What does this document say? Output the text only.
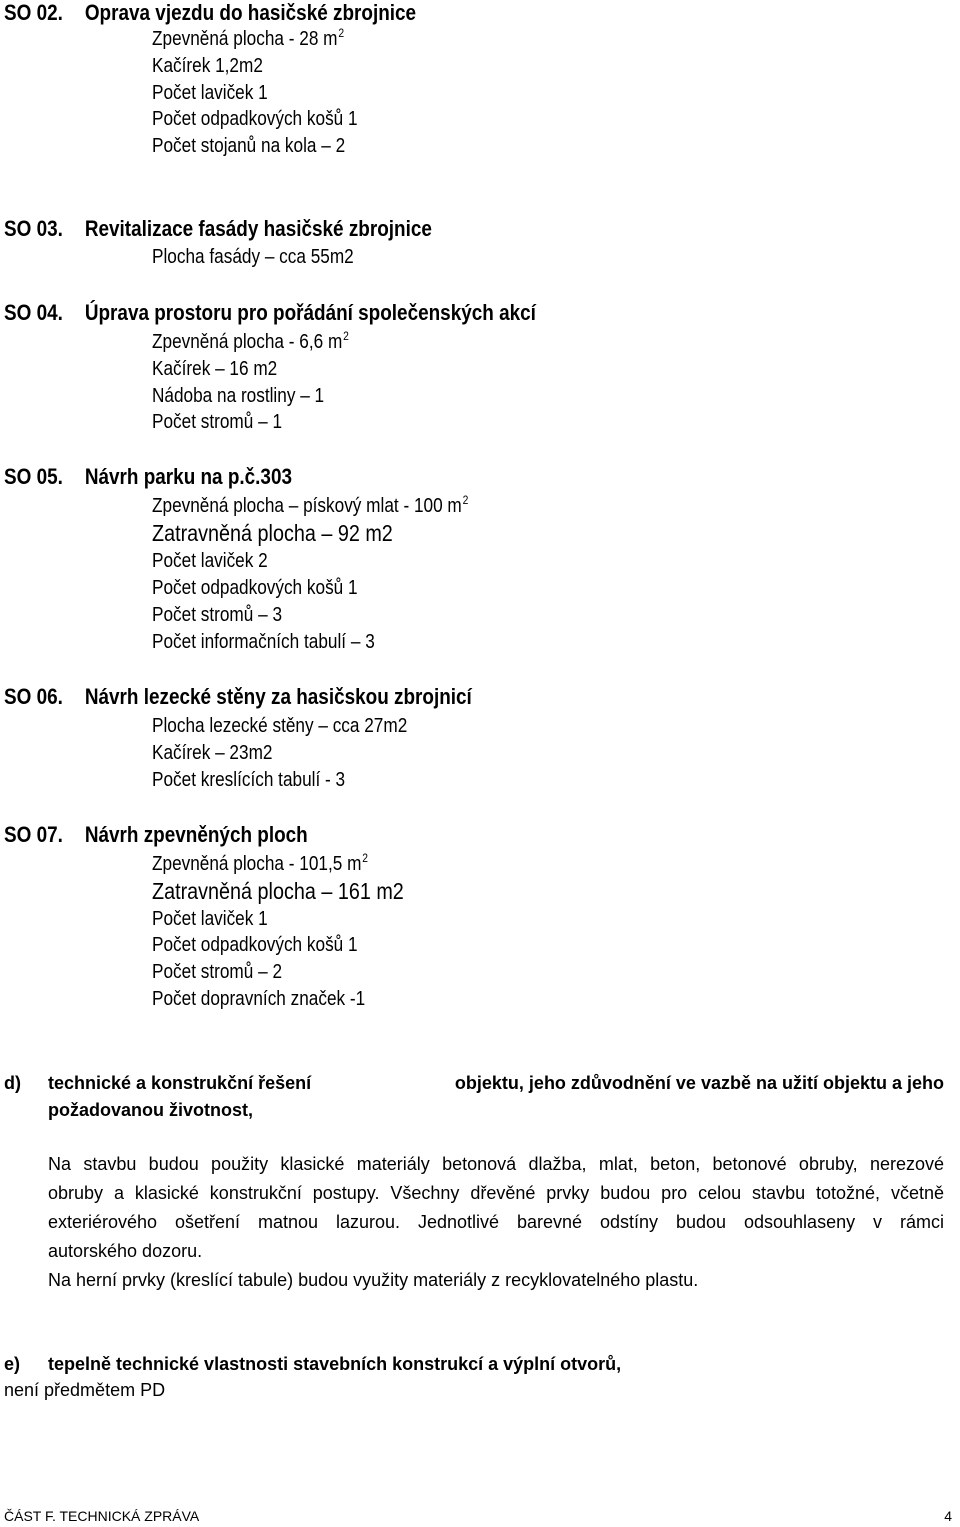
SO 02. Oprava vjezdu do hasičské zbrojnice
Zpevněná plocha - 28 $m^2$
Kačírek 1,2m2
Počet laviček 1
Počet odpadkových košů 1
Počet stojanů na kola – 2
SO 03. Revitalizace fasády hasičské zbrojnice
Plocha fasády – cca 55m2
SO 04. Úprava prostoru pro pořádání společenských akcí
Zpevněná plocha - 6,6 $m^2$
Kačírek – 16 m2
Nádoba na rostliny – 1
Počet stromů – 1
SO 05. Návrh parku na p.č.303
Zpevněná plocha – pískový mlat - 100 $m^2$
Zatravněná plocha – 92 m2
Počet laviček 2
Počet odpadkových košů 1
Počet stromů – 3
Počet informačních tabulí – 3
SO 06. Návrh lezecké stěny za hasičskou zbrojnicí
Plocha lezecké stěny – cca 27m2
Kačírek – 23m2
Počet kreslících tabulí - 3
SO 07. Návrh zpevněných ploch
Zpevněná plocha - 101,5 $m^2$
Zatravněná plocha – 161 m2
Počet laviček 1
Počet odpadkových košů 1
Počet stromů – 2
Počet dopravních značek -1
d) technické a konstrukční řešení	objektu, jeho zdůvodnění ve vazbě na užití objektu a jeho
požadovanou životnost,
Na stavbu budou použity klasické materiály betonová dlažba, mlat, beton, betonové obruby, nerezové
obruby a klasické konstrukční postupy. Všechny dřevěné prvky budou pro celou stavbu totožné, včetně
exteriérového ošetření matnou lazurou. Jednotlivé barevné odstíny budou odsouhlaseny v rámci
autorského dozoru.
Na herní prvky (kreslící tabule) budou využity materiály z recyklovatelného plastu.
e) tepelně technické vlastnosti stavebních konstrukcí a výplní otvorů,
není předmětem PD
ČÁST F. TECHNICKÁ ZPRÁVA	4
